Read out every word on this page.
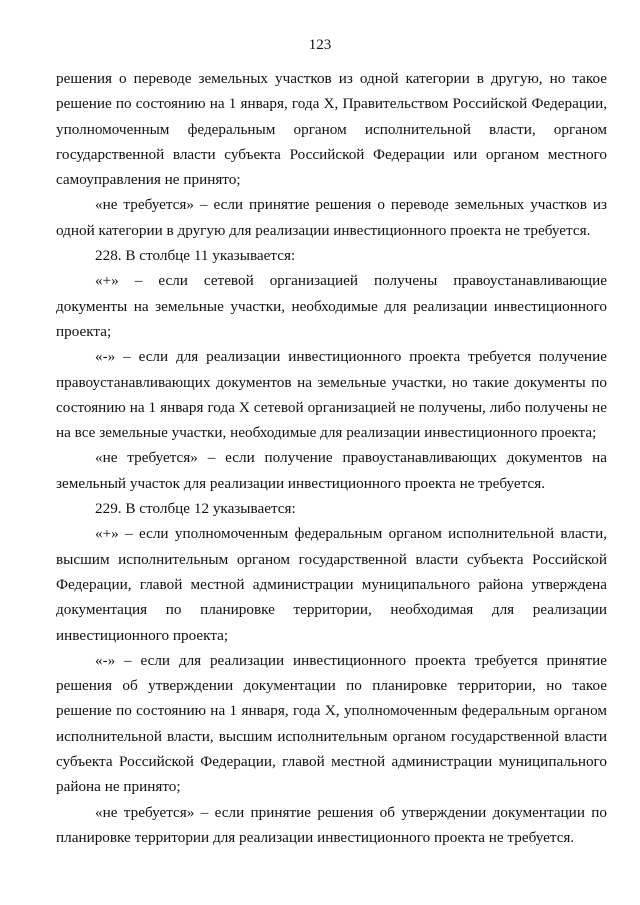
123

решения о переводе земельных участков из одной категории в другую, но такое решение по состоянию на 1 января, года X, Правительством Российской Федерации, уполномоченным федеральным органом исполнительной власти, органом государственной власти субъекта Российской Федерации или органом местного самоуправления не принято;

«не требуется» – если принятие решения о переводе земельных участков из одной категории в другую для реализации инвестиционного проекта не требуется.

228. В столбце 11 указывается:

«+» – если сетевой организацией получены правоустанавливающие документы на земельные участки, необходимые для реализации инвестиционного проекта;

«-» – если для реализации инвестиционного проекта требуется получение правоустанавливающих документов на земельные участки, но такие документы по состоянию на 1 января года X сетевой организацией не получены, либо получены не на все земельные участки, необходимые для реализации инвестиционного проекта;

«не требуется» – если получение правоустанавливающих документов на земельный участок для реализации инвестиционного проекта не требуется.

229. В столбце 12 указывается:

«+» – если уполномоченным федеральным органом исполнительной власти, высшим исполнительным органом государственной власти субъекта Российской Федерации, главой местной администрации муниципального района утверждена документация по планировке территории, необходимая для реализации инвестиционного проекта;

«-» – если для реализации инвестиционного проекта требуется принятие решения об утверждении документации по планировке территории, но такое решение по состоянию на 1 января, года X, уполномоченным федеральным органом исполнительной власти, высшим исполнительным органом государственной власти субъекта Российской Федерации, главой местной администрации муниципального района не принято;

«не требуется» – если принятие решения об утверждении документации по планировке территории для реализации инвестиционного проекта не требуется.
